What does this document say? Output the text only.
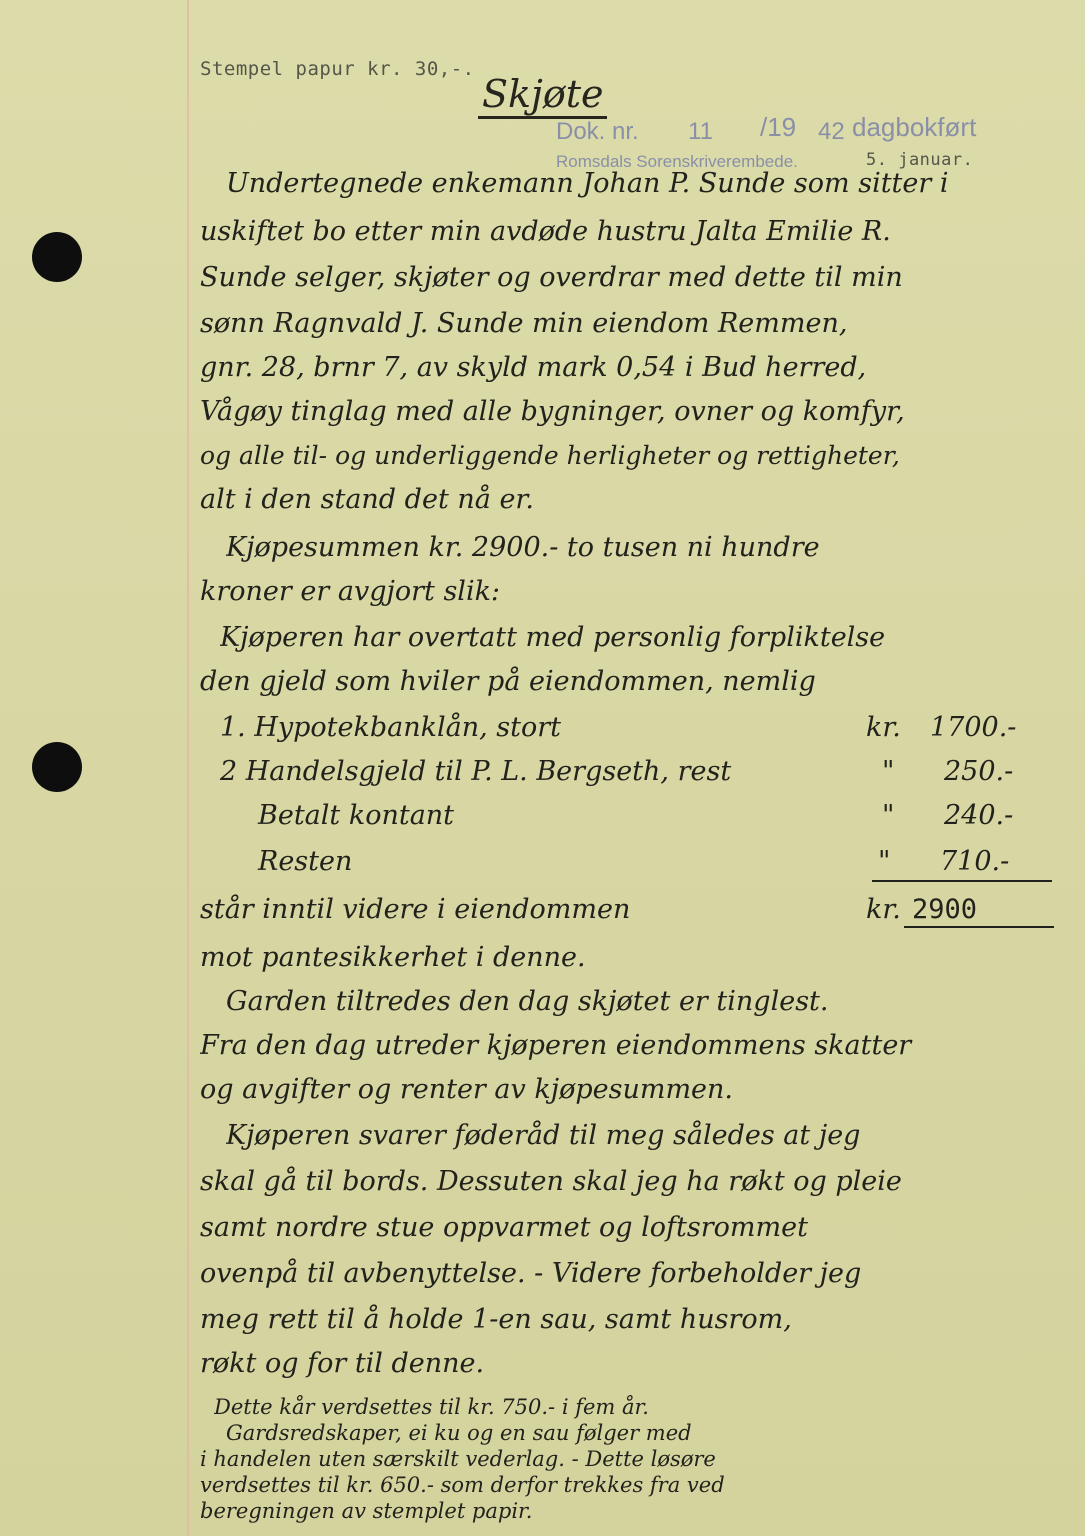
Stempel papur kr. 30,-.
Skjøte
Dok. nr. 11 /19 42 dagbokført
Romsdals Sorenskriverembede.	5. januar.
Undertegnede enkemann Johan P. Sunde som sitter i
uskiftet bo etter min avdøde hustru Jalta Emilie R.
Sunde selger, skjøter og overdrar med dette til min
sønn Ragnvald J. Sunde min eiendom Remmen,
gnr. 28, brnr 7, av skyld mark 0,54 i Bud herred,
Vågøy tinglag med alle bygninger, ovner og komfyr,
og alle til- og underliggende herligheter og rettigheter,
alt i den stand det nå er.
Kjøpesummen kr. 2900.- to tusen ni hundre
kroner er avgjort slik:
Kjøperen har overtatt med personlig forpliktelse
den gjeld som hviler på eiendommen, nemlig
1. Hypotekbanklån, stort	kr. 1700.-
2 Handelsgjeld til P. L. Bergseth, rest	" 250.-
Betalt kontant	" 240.-
Resten	" 710.-
står inntil videre i eiendommen	kr. 2900
mot pantesikkerhet i denne.
Garden tiltredes den dag skjøtet er tinglest.
Fra den dag utreder kjøperen eiendommens skatter
og avgifter og renter av kjøpesummen.
Kjøperen svarer føderåd til meg således at jeg
skal gå til bords. Dessuten skal jeg ha røkt og pleie
samt nordre stue oppvarmet og loftsrommet
ovenpå til avbenyttelse. - Videre forbeholder jeg
meg rett til å holde 1-en sau, samt husrom,
røkt og for til denne.
Dette kår verdsettes til kr. 750.- i fem år.
Gardsredskaper, ei ku og en sau følger med
i handelen uten særskilt vederlag. - Dette løsøre
verdsettes til kr. 650.- som derfor trekkes fra ved
beregningen av stemplet papir.
